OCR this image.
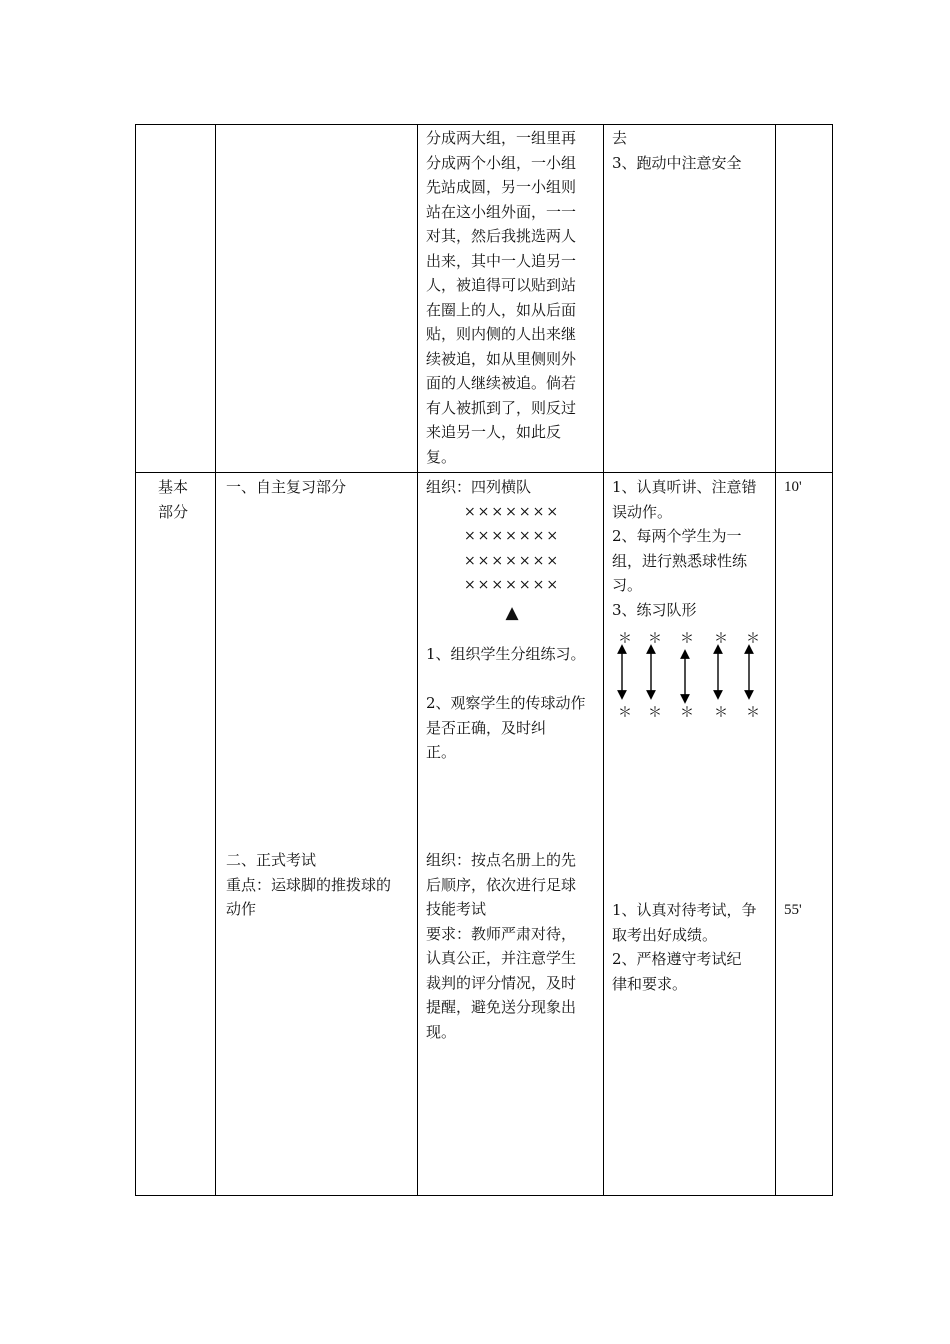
分成两大组，一组里再

分成两个小组，一小组

先站成圆，另一小组则

站在这小组外面，一一

对其，然后我挑选两人

出来，其中一人追另一

人，被追得可以贴到站

在圈上的人，如从后面

贴，则内侧的人出来继

续被追，如从里侧则外

面的人继续被追。倘若

有人被抓到了，则反过

来追另一人，如此反

复。

去

3、跑动中注意安全

基本

部分

一、自主复习部分

二、正式考试

重点：运球脚的推拨球的

动作

组织：四列横队

×××××××

×××××××

×××××××

×××××××

▲

1、组织学生分组练习。

2、观察学生的传球动作

是否正确，及时纠

正。

组织：按点名册上的先

后顺序，依次进行足球

技能考试

要求：教师严肃对待，

认真公正，并注意学生

裁判的评分情况，及时

提醒，避免送分现象出

现。

1、认真听讲、注意错

误动作。

2、每两个学生为一

组，进行熟悉球性练

习。

3、练习队形

＊ ＊ ＊ ＊ ＊
＊ ＊ ＊ ＊ ＊

1、认真对待考试，争

取考出好成绩。

2、严格遵守考试纪

律和要求。

10'
55'
